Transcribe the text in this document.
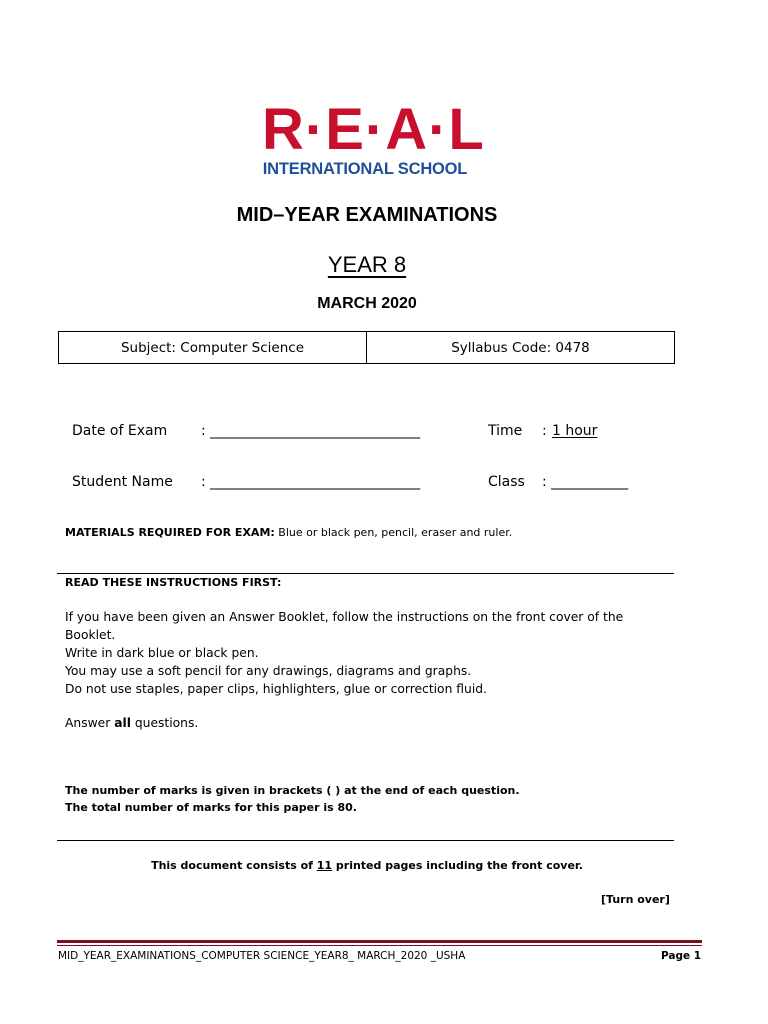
R·E·A·L
INTERNATIONAL SCHOOL
MID–YEAR EXAMINATIONS
YEAR 8
MARCH 2020
Subject: Computer Science	Syllabus Code: 0478
Date of Exam : ______________________________	Time : 1 hour
Student Name : ______________________________	Class : ___________
MATERIALS REQUIRED FOR EXAM: Blue or black pen, pencil, eraser and ruler.
READ THESE INSTRUCTIONS FIRST:
If you have been given an Answer Booklet, follow the instructions on the front cover of the
Booklet.
Write in dark blue or black pen.
You may use a soft pencil for any drawings, diagrams and graphs.
Do not use staples, paper clips, highlighters, glue or correction fluid.
Answer all questions.
The number of marks is given in brackets ( ) at the end of each question.
The total number of marks for this paper is 80.
This document consists of 11 printed pages including the front cover.
[Turn over]
MID_YEAR_EXAMINATIONS_COMPUTER SCIENCE_YEAR8_ MARCH_2020 _USHA	Page 1
